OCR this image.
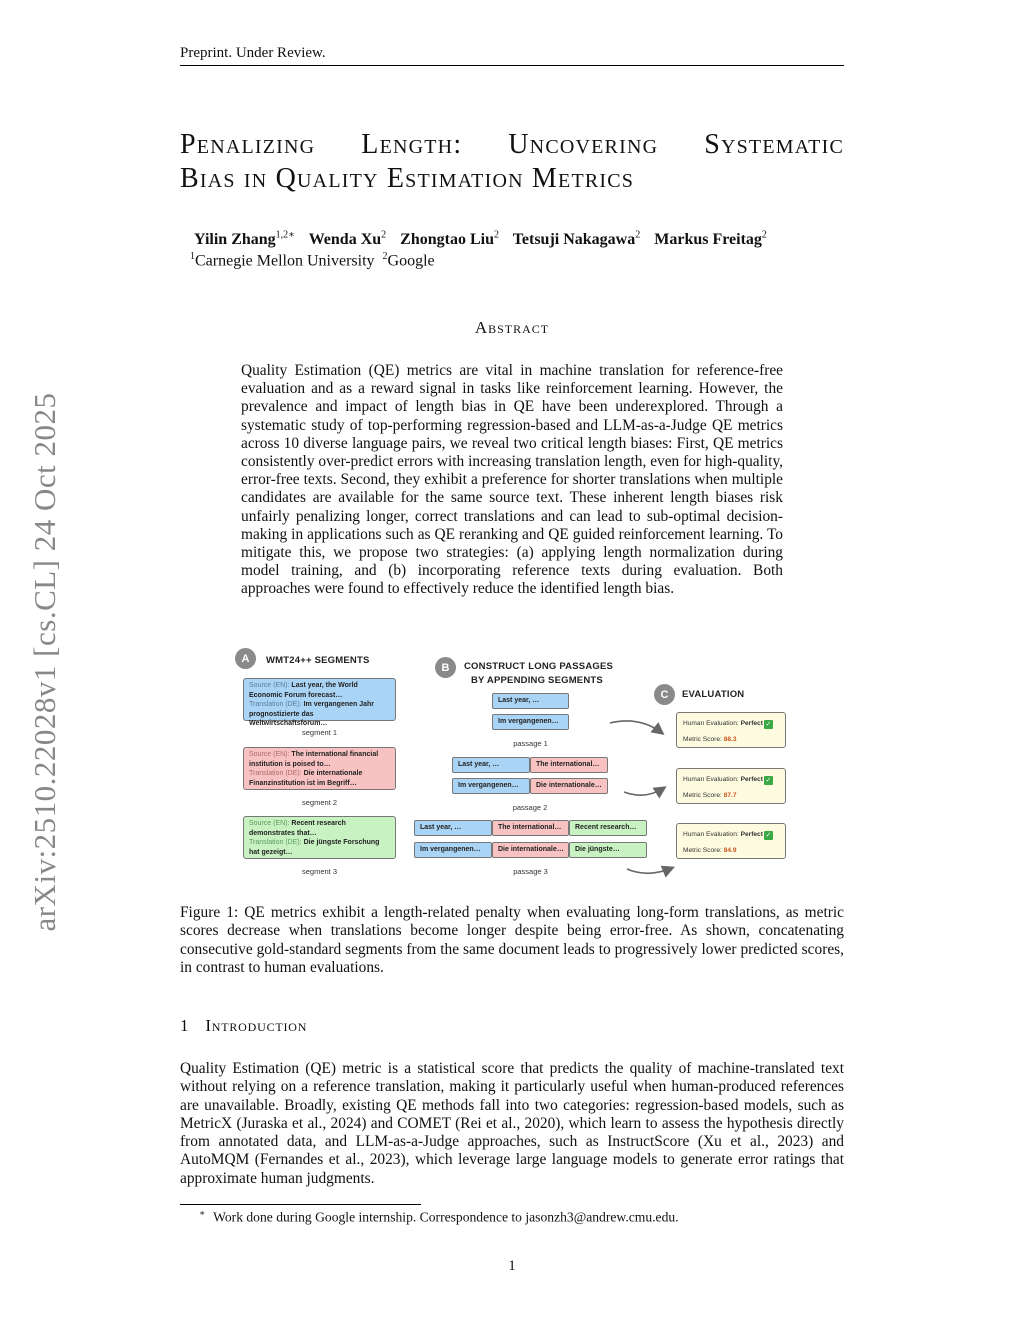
Preprint. Under Review.
arXiv:2510.22028v1 [cs.CL] 24 Oct 2025
Penalizing Length: Uncovering Systematic
Bias in Quality Estimation Metrics
Yilin Zhang$^{1,2∗}$ Wenda Xu$^2$ Zhongtao Liu$^2$ Tetsuji Nakagawa$^2$ Markus Freitag$^2$
$^1$Carnegie Mellon University $^2$Google
Abstract
Quality Estimation (QE) metrics are vital in machine translation for reference-free evaluation and as a reward signal in tasks like reinforcement learning. However, the prevalence and impact of length bias in QE have been underexplored. Through a systematic study of top-performing regression-based and LLM-as-a-Judge QE metrics across 10 diverse language pairs, we reveal two critical length biases: First, QE metrics consistently over-predict errors with increasing translation length, even for high-quality, error-free texts. Second, they exhibit a preference for shorter translations when multiple candidates are available for the same source text. These inherent length biases risk unfairly penalizing longer, correct translations and can lead to sub-optimal decision-making in applications such as QE reranking and QE guided reinforcement learning. To mitigate this, we propose two strategies: (a) applying length normalization during model training, and (b) incorporating reference texts during evaluation. Both approaches were found to effectively reduce the identified length bias.
A	WMT24++ SEGMENTS
Source (EN): Last year, the World Economic Forum forecast…
Translation (DE): Im vergangenen Jahr prognostizierte das Weltwirtschaftsforum…
segment 1
Source (EN): The international financial institution is poised to…
Translation (DE): Die internationale Finanzinstitution ist im Begriff…
segment 2
Source (EN): Recent research demonstrates that…
Translation (DE): Die jüngste Forschung hat gezeigt…
segment 3
B	CONSTRUCT LONG PASSAGES
BY APPENDING SEGMENTS
Last year, …
Im vergangenen…
passage 1
Last year, …	The international…
Im vergangenen…	Die internationale…
passage 2
Last year, …	The international…	Recent research…
Im vergangenen…	Die internationale…	Die jüngste…
passage 3
C	EVALUATION
Human Evaluation: Perfect ✓
Metric Score: 88.3
Human Evaluation: Perfect ✓
Metric Score: 87.7
Human Evaluation: Perfect ✓
Metric Score: 84.9
Figure 1: QE metrics exhibit a length-related penalty when evaluating long-form translations, as metric scores decrease when translations become longer despite being error-free. As shown, concatenating consecutive gold-standard segments from the same document leads to progressively lower predicted scores, in contrast to human evaluations.
1 Introduction
Quality Estimation (QE) metric is a statistical score that predicts the quality of machine-translated text without relying on a reference translation, making it particularly useful when human-produced references are unavailable. Broadly, existing QE methods fall into two categories: regression-based models, such as MetricX (Juraska et al., 2024) and COMET (Rei et al., 2020), which learn to assess the hypothesis directly from annotated data, and LLM-as-a-Judge approaches, such as InstructScore (Xu et al., 2023) and AutoMQM (Fernandes et al., 2023), which leverage large language models to generate error ratings that approximate human judgments.
∗ Work done during Google internship. Correspondence to jasonzh3@andrew.cmu.edu.
1
